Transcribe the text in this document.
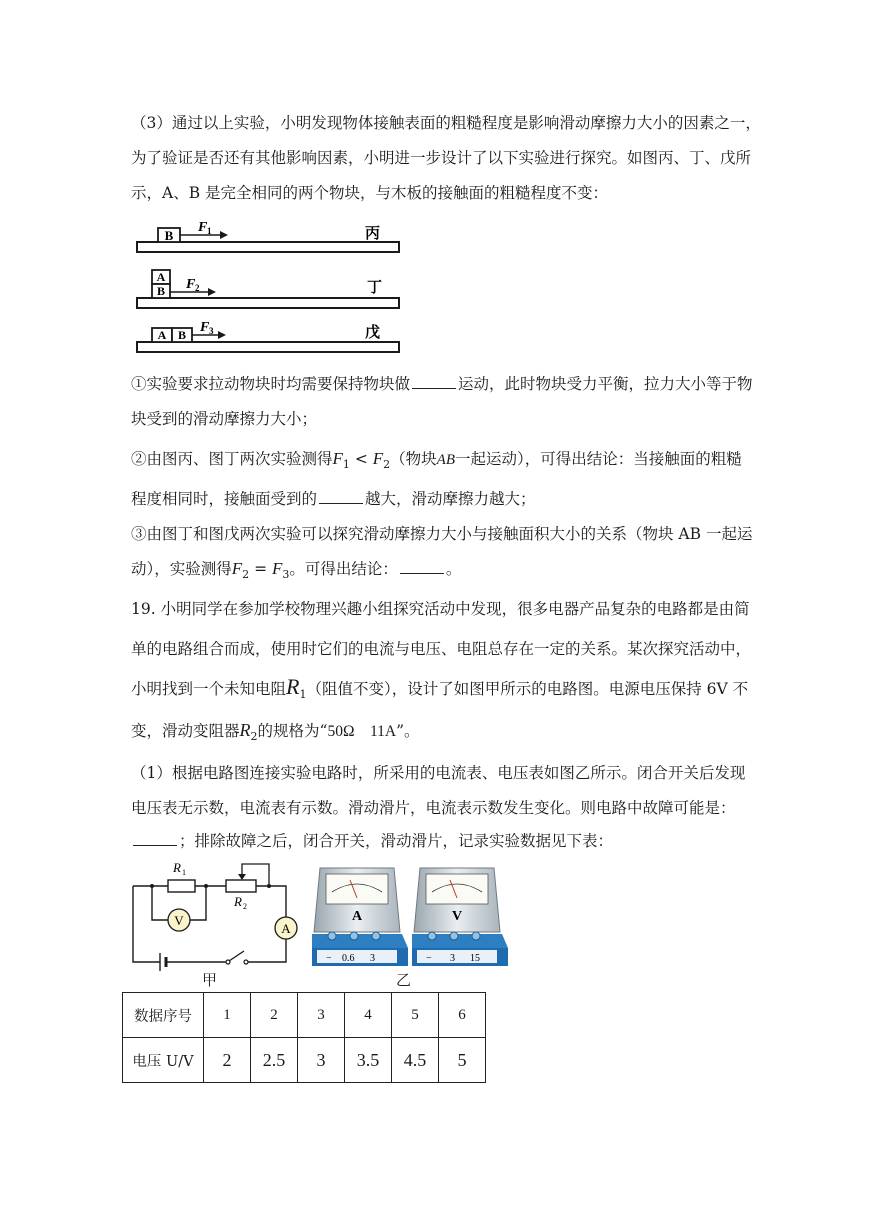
（3）通过以上实验，小明发现物体接触表面的粗糙程度是影响滑动摩擦力大小的因素之一，
为了验证是否还有其他影响因素，小明进一步设计了以下实验进行探究。如图丙、丁、戊所
示，A、B 是完全相同的两个物块，与木板的接触面的粗糙程度不变：
B
F 1	丙
A
B F 2	丁
A B F 3	戊
①实验要求拉动物块时均需要保持物块做	运动，此时物块受力平衡，拉力大小等于物
块受到的滑动摩擦力大小；
②由图丙、图丁两次实验测得$F_1 < F_2$（物块AB一起运动），可得出结论：当接触面的粗糙
程度相同时，接触面受到的	越大，滑动摩擦力越大；
③由图丁和图戊两次实验可以探究滑动摩擦力大小与接触面积大小的关系（物块 AB 一起运
动），实验测得$F_2 = F_3$。可得出结论：	。
19. 小明同学在参加学校物理兴趣小组探究活动中发现，很多电器产品复杂的电路都是由简
单的电路组合而成，使用时它们的电流与电压、电阻总存在一定的关系。某次探究活动中，
小明找到一个未知电阻$R_1$（阻值不变），设计了如图甲所示的电路图。电源电压保持 6V 不
变，滑动变阻器$R_2$的规格为“50Ω    11A”。
（1）根据电路图连接实验电路时，所采用的电流表、电压表如图乙所示。闭合开关后发现
电压表无示数，电流表有示数。滑动滑片，电流表示数发生变化。则电路中故障可能是：
；排除故障之后，闭合开关，滑动滑片，记录实验数据见下表：
R 1
V
R 2
A
甲
A
− 0.6 3
V
− 3 15
乙
数据序号	1	2	3	4	5	6
电压 U/V	2	2.5	3	3.5	4.5	5
